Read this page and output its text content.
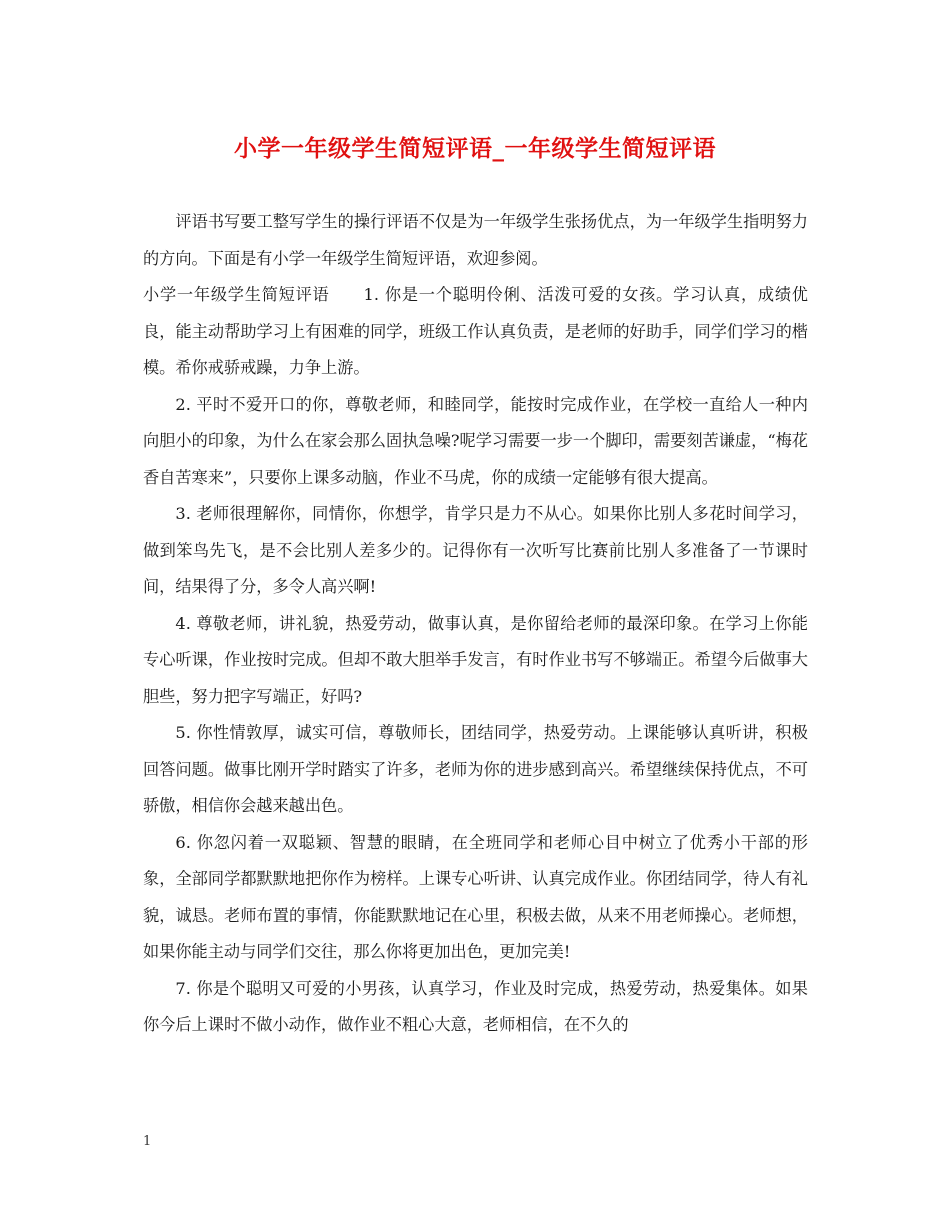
小学一年级学生简短评语_一年级学生简短评语

评语书写要工整写学生的操行评语不仅是为一年级学生张扬优点，为一年级学生指明努力的方向。下面是有小学一年级学生简短评语，欢迎参阅。

小学一年级学生简短评语 1. 你是一个聪明伶俐、活泼可爱的女孩。学习认真，成绩优良，能主动帮助学习上有困难的同学，班级工作认真负责，是老师的好助手，同学们学习的楷模。希你戒骄戒躁，力争上游。

2. 平时不爱开口的你，尊敬老师，和睦同学，能按时完成作业，在学校一直给人一种内向胆小的印象，为什么在家会那么固执急噪?呢学习需要一步一个脚印，需要刻苦谦虚，“梅花香自苦寒来”，只要你上课多动脑，作业不马虎，你的成绩一定能够有很大提高。

3. 老师很理解你，同情你，你想学，肯学只是力不从心。如果你比别人多花时间学习，做到笨鸟先飞，是不会比别人差多少的。记得你有一次听写比赛前比别人多准备了一节课时间，结果得了分，多令人高兴啊!

4. 尊敬老师，讲礼貌，热爱劳动，做事认真，是你留给老师的最深印象。在学习上你能专心听课，作业按时完成。但却不敢大胆举手发言，有时作业书写不够端正。希望今后做事大胆些，努力把字写端正，好吗?

5. 你性情敦厚，诚实可信，尊敬师长，团结同学，热爱劳动。上课能够认真听讲，积极回答问题。做事比刚开学时踏实了许多，老师为你的进步感到高兴。希望继续保持优点，不可骄傲，相信你会越来越出色。

6. 你忽闪着一双聪颖、智慧的眼睛，在全班同学和老师心目中树立了优秀小干部的形象，全部同学都默默地把你作为榜样。上课专心听讲、认真完成作业。你团结同学，待人有礼貌，诚恳。老师布置的事情，你能默默地记在心里，积极去做，从来不用老师操心。老师想，如果你能主动与同学们交往，那么你将更加出色，更加完美!

7. 你是个聪明又可爱的小男孩，认真学习，作业及时完成，热爱劳动，热爱集体。如果你今后上课时不做小动作，做作业不粗心大意，老师相信，在不久的

1
